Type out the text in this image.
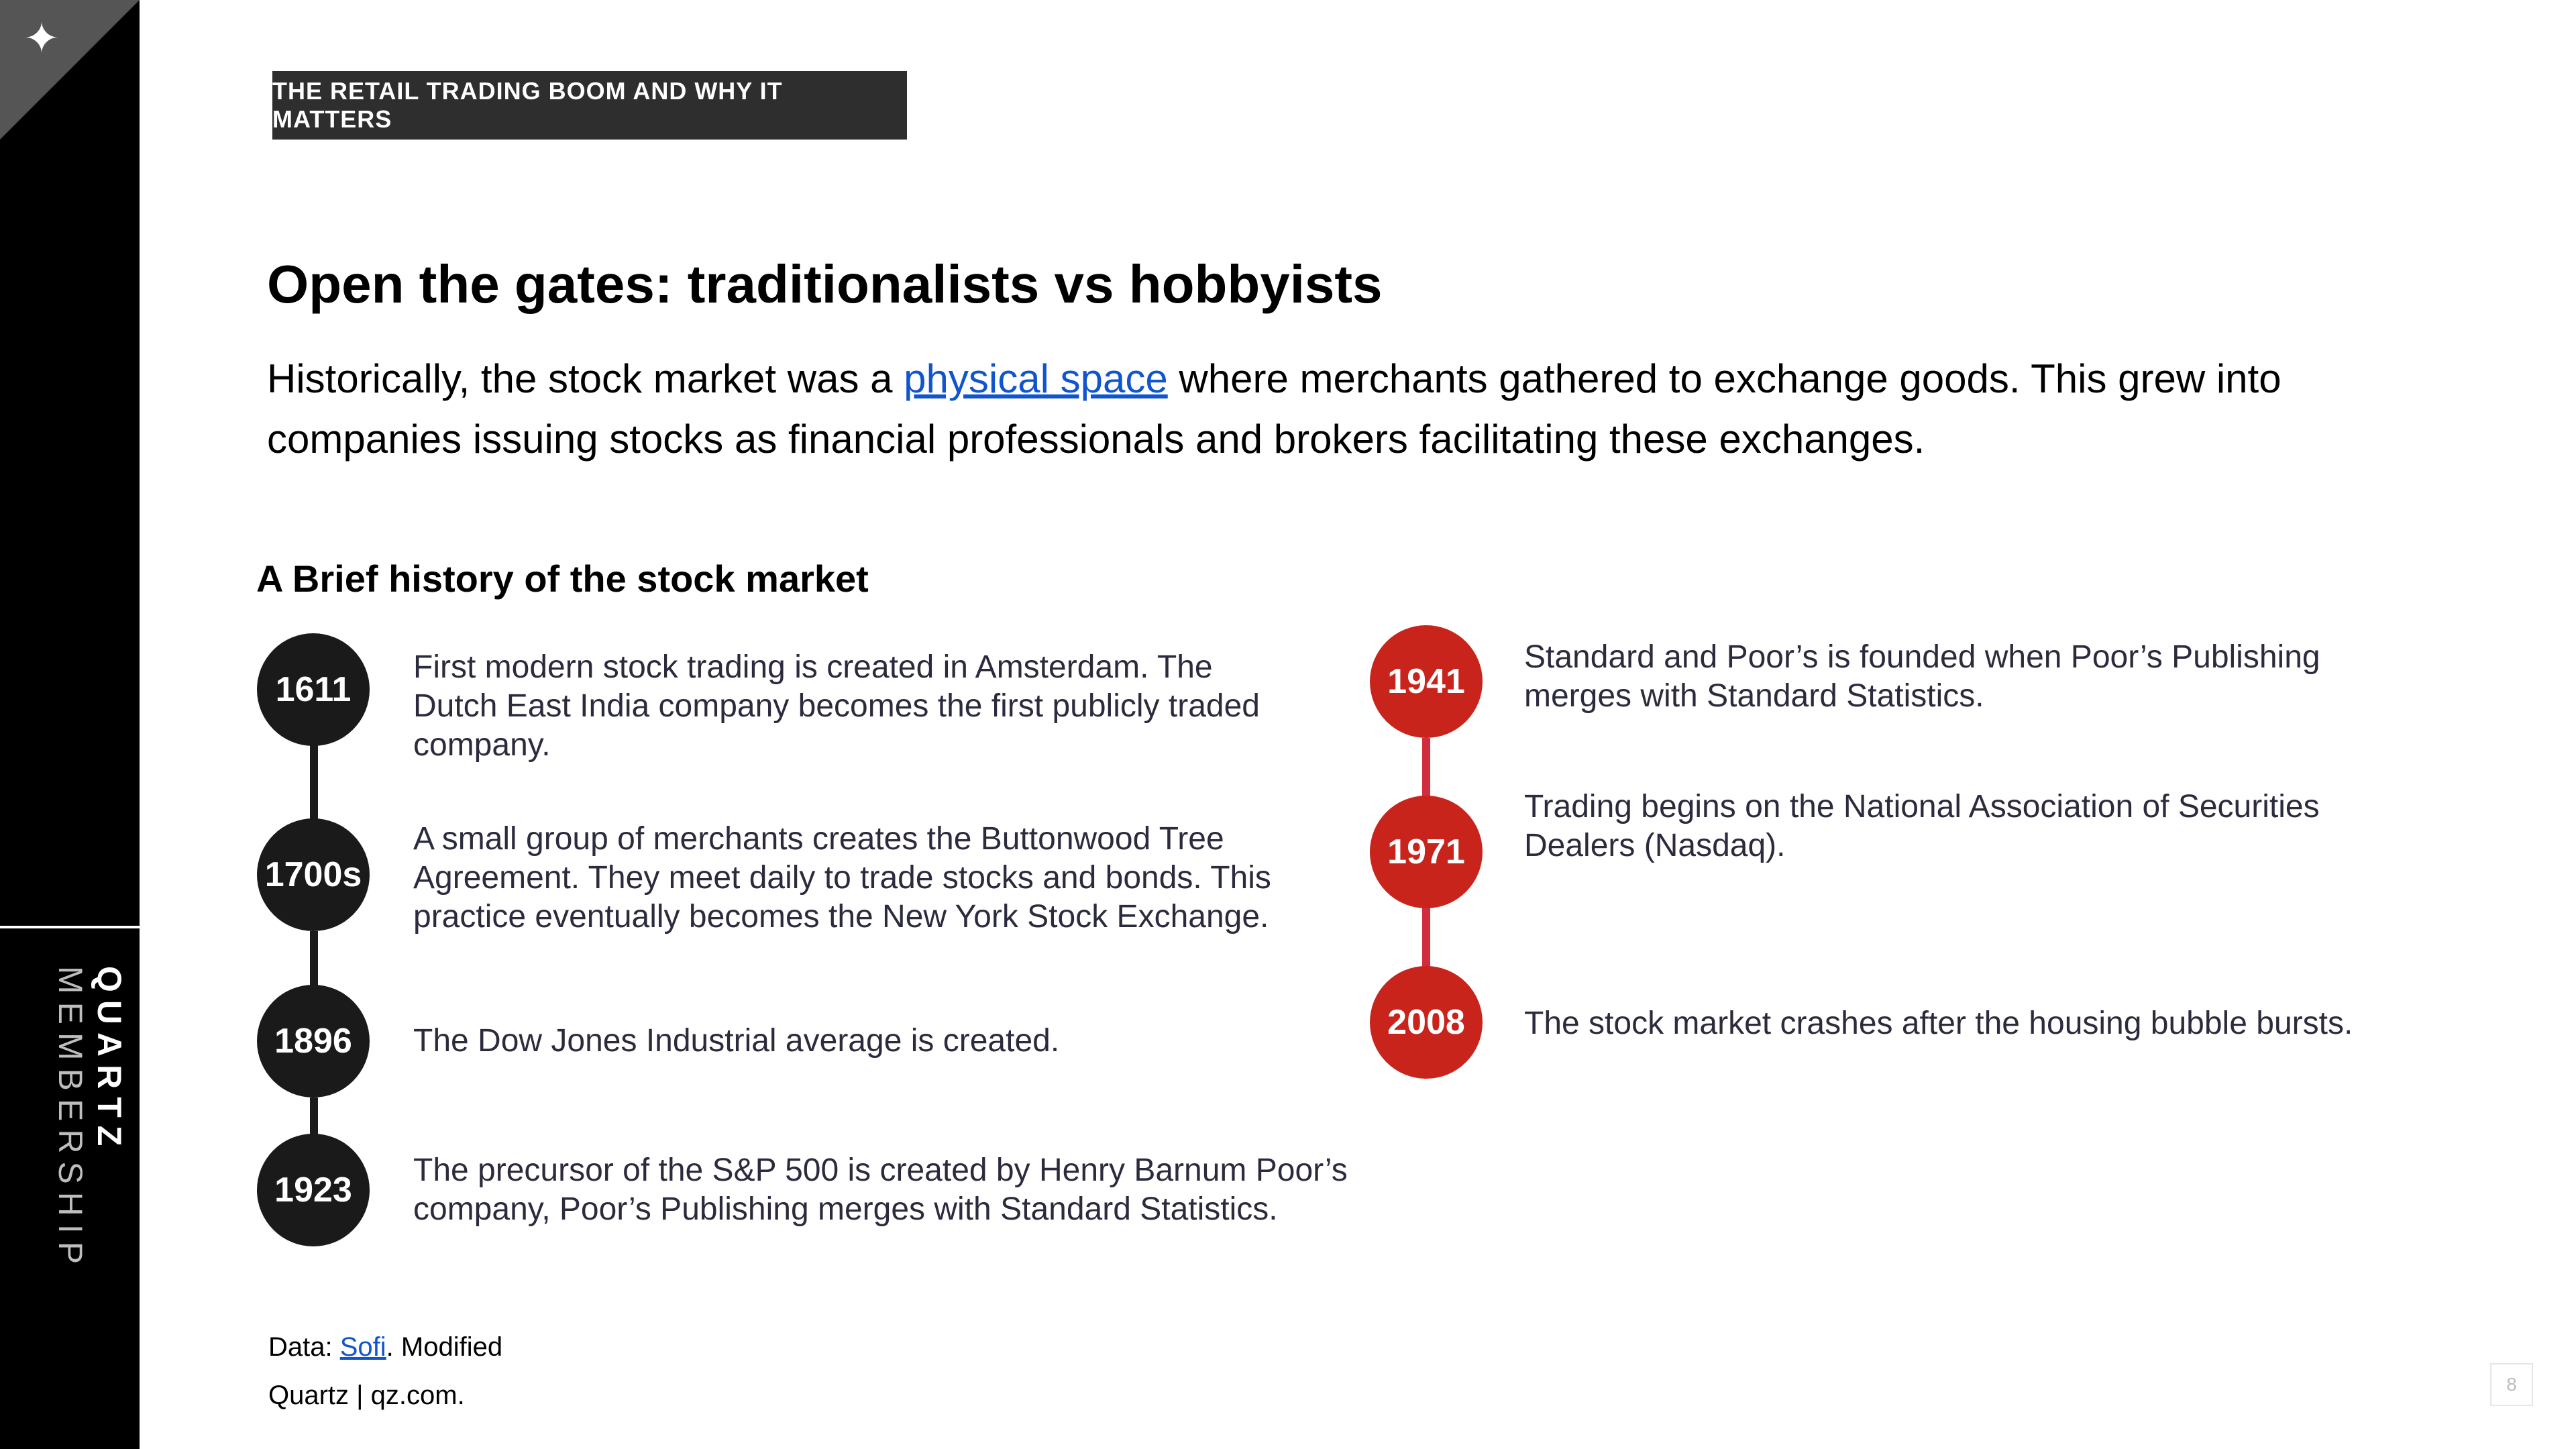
✦
QUARTZ MEMBERSHIP
THE RETAIL TRADING BOOM AND WHY IT MATTERS
Open the gates: traditionalists vs hobbyists
Historically, the stock market was a physical space where merchants gathered to exchange goods. This grew into companies issuing stocks as financial professionals and brokers facilitating these exchanges.
A Brief history of the stock market
1611
First modern stock trading is created in Amsterdam. The Dutch East India company becomes the first publicly traded company.
1700s
A small group of merchants creates the Buttonwood Tree Agreement. They meet daily to trade stocks and bonds. This practice eventually becomes the New York Stock Exchange.
1896	The Dow Jones Industrial average is created.
1923
The precursor of the S&P 500 is created by Henry Barnum Poor’s company, Poor’s Publishing merges with Standard Statistics.
1941
Standard and Poor’s is founded when Poor’s Publishing merges with Standard Statistics.
1971
Trading begins on the National Association of Securities Dealers (Nasdaq).
2008	The stock market crashes after the housing bubble bursts.
Data: Sofi. Modified
Quartz | qz.com.	8
